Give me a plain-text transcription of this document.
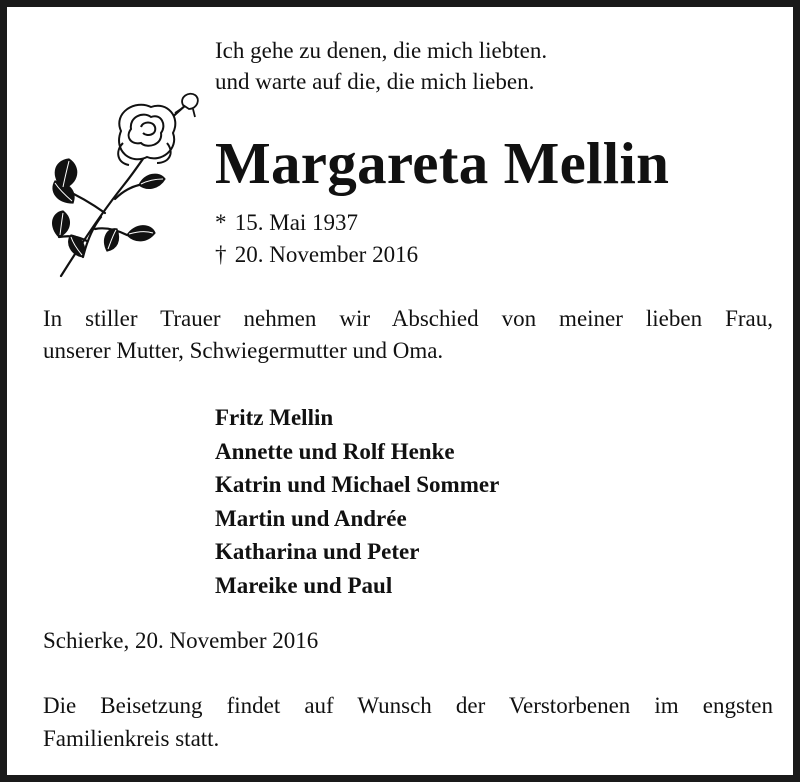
Ich gehe zu denen, die mich liebten.
und warte auf die, die mich lieben.
Margareta Mellin
* 15. Mai 1937
† 20. November 2016
In stiller Trauer nehmen wir Abschied von meiner lieben Frau,
unserer Mutter, Schwiegermutter und Oma.
Fritz Mellin
Annette und Rolf Henke
Katrin und Michael Sommer
Martin und Andrée
Katharina und Peter
Mareike und Paul
Schierke, 20. November 2016
Die Beisetzung findet auf Wunsch der Verstorbenen im engsten
Familienkreis statt.
